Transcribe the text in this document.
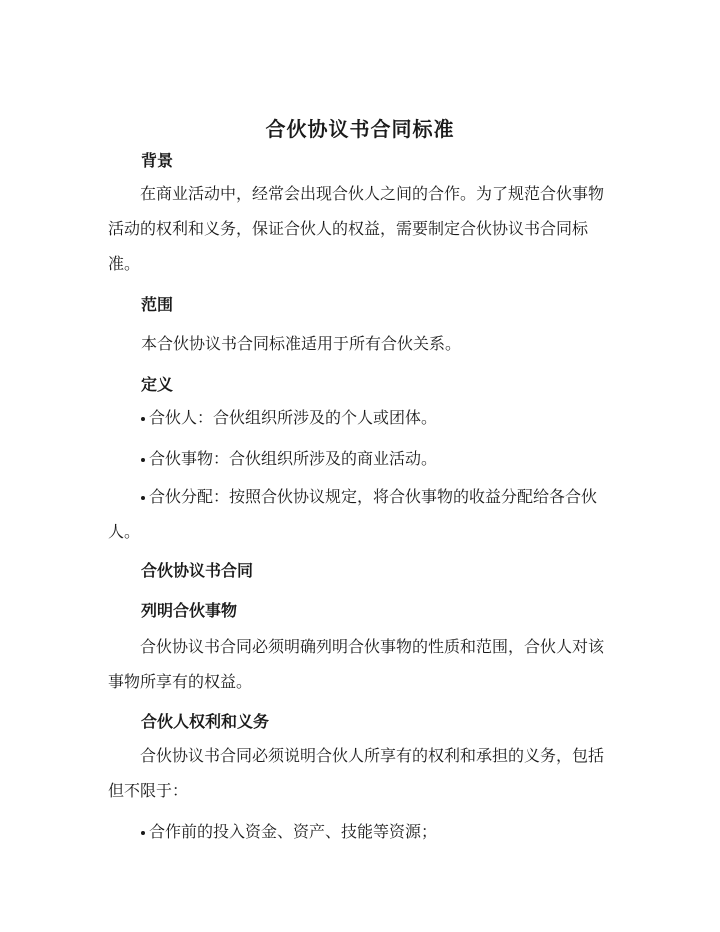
合伙协议书合同标准
背景

在商业活动中，经常会出现合伙人之间的合作。为了规范合伙事物活动的权利和义务，保证合伙人的权益，需要制定合伙协议书合同标准。

范围
本合伙协议书合同标准适用于所有合伙关系。
定义
合伙人：合伙组织所涉及的个人或团体。
合伙事物：合伙组织所涉及的商业活动。
合伙分配：按照合伙协议规定，将合伙事物的收益分配给各合伙人。
合伙协议书合同
列明合伙事物

合伙协议书合同必须明确列明合伙事物的性质和范围，合伙人对该事物所享有的权益。

合伙人权利和义务

合伙协议书合同必须说明合伙人所享有的权利和承担的义务，包括但不限于：

合作前的投入资金、资产、技能等资源；
